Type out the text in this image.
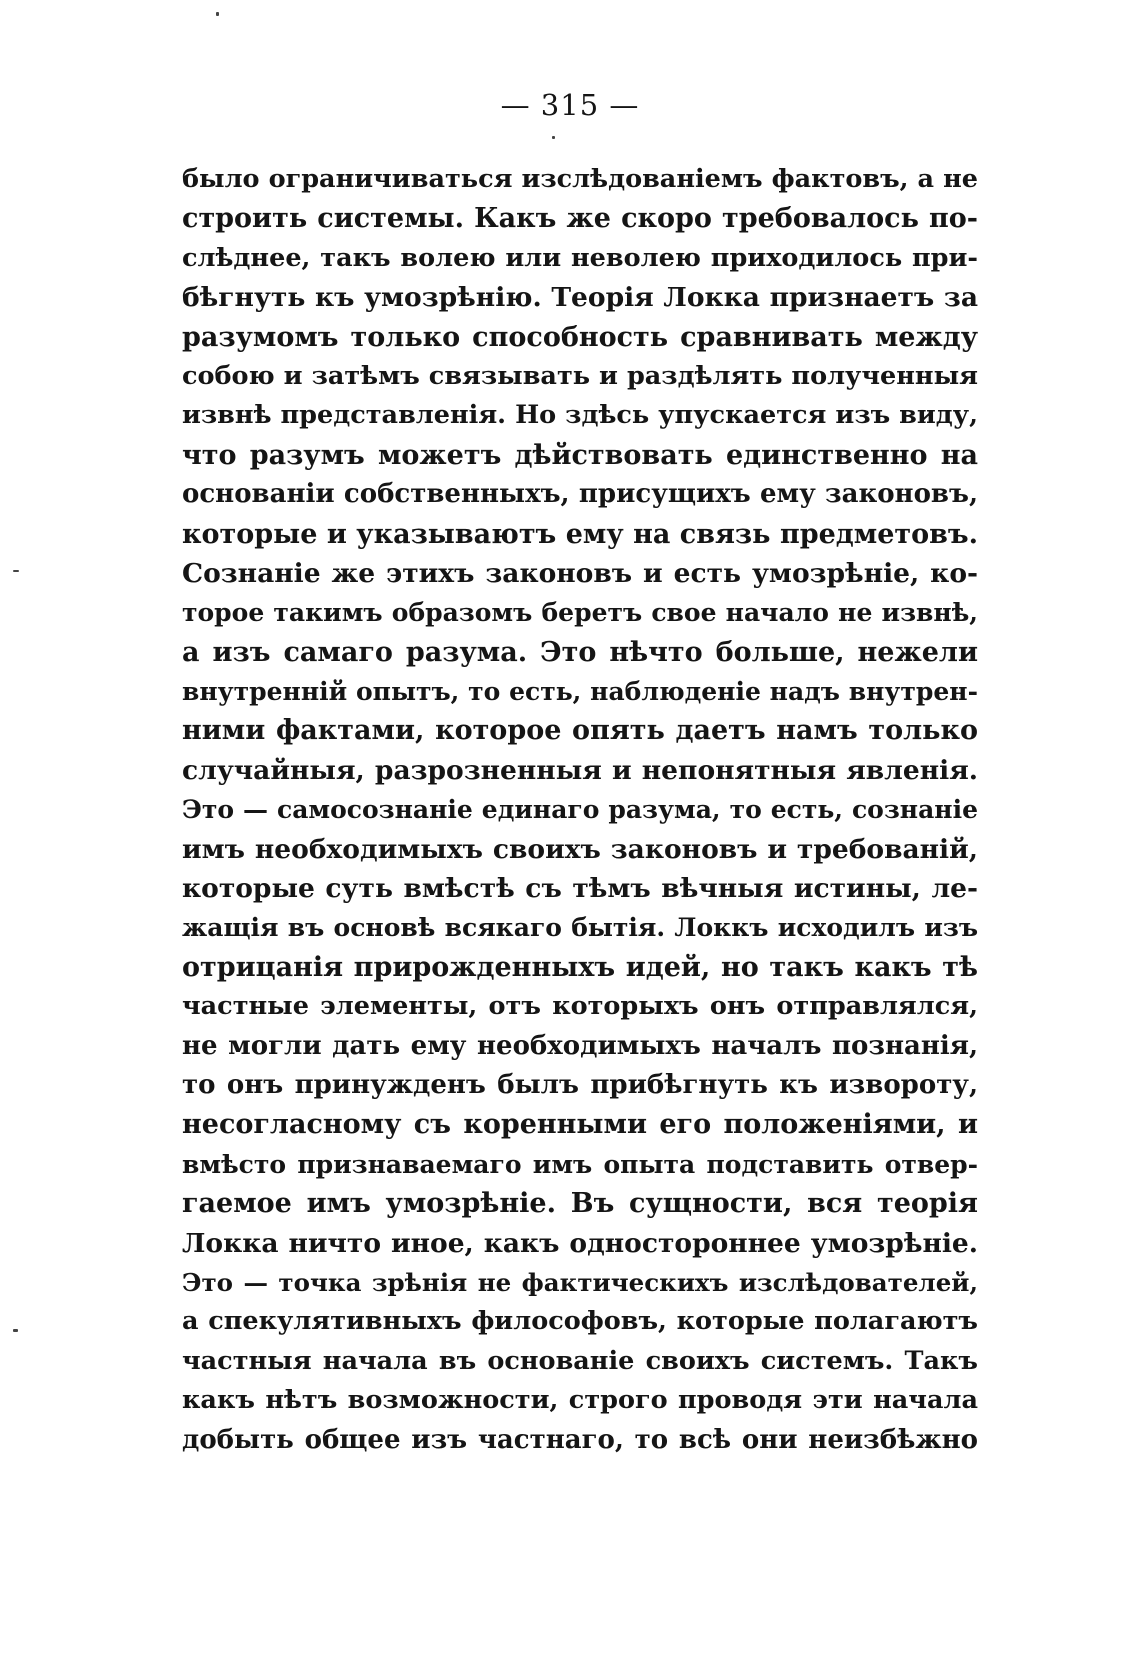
— 315 —
было ограничиваться изслѣдованіемъ фактовъ, а не
строить системы. Какъ же скоро требовалось по-
слѣднее, такъ волею или неволею приходилось при-
бѣгнуть къ умозрѣнію. Теорія Локка признаетъ за
разумомъ только способность сравнивать между
собою и затѣмъ связывать и раздѣлять полученныя
извнѣ представленія. Но здѣсь упускается изъ виду,
что разумъ можетъ дѣйствовать единственно на
основаніи собственныхъ, присущихъ ему законовъ,
которые и указываютъ ему на связь предметовъ.
Сознаніе же этихъ законовъ и есть умозрѣніе, ко-
торое такимъ образомъ беретъ свое начало не извнѣ,
а изъ самаго разума. Это нѣчто больше, нежели
внутренній опытъ, то есть, наблюденіе надъ внутрен-
ними фактами, которое опять даетъ намъ только
случайныя, разрозненныя и непонятныя явленія.
Это — самосознаніе единаго разума, то есть, сознаніе
имъ необходимыхъ своихъ законовъ и требованій,
которые суть вмѣстѣ съ тѣмъ вѣчныя истины, ле-
жащія въ основѣ всякаго бытія. Локкъ исходилъ изъ
отрицанія прирожденныхъ идей, но такъ какъ тѣ
частные элементы, отъ которыхъ онъ отправлялся,
не могли дать ему необходимыхъ началъ познанія,
то онъ принужденъ былъ прибѣгнуть къ извороту,
несогласному съ коренными его положеніями, и
вмѣсто признаваемаго имъ опыта подставить отвер-
гаемое имъ умозрѣніе. Въ сущности, вся теорія
Локка ничто иное, какъ одностороннее умозрѣніе.
Это — точка зрѣнія не фактическихъ изслѣдователей,
а спекулятивныхъ философовъ, которые полагаютъ
частныя начала въ основаніе своихъ системъ. Такъ
какъ нѣтъ возможности, строго проводя эти начала
добыть общее изъ частнаго, то всѣ они неизбѣжно
